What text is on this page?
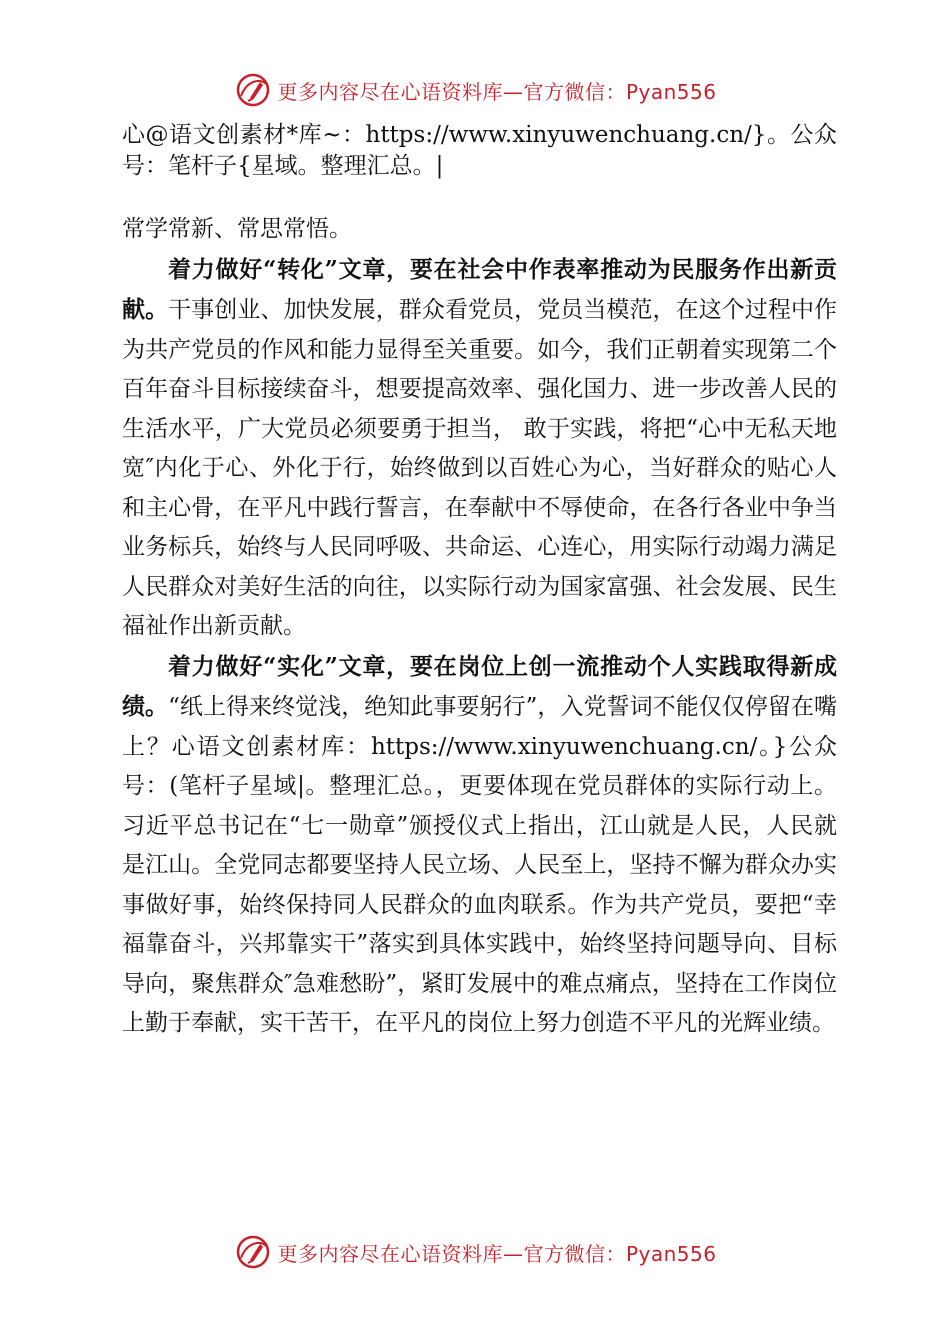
更多内容尽在心语资料库—官方微信：Pyan556

心@语文创素材*库~：https://www.xinyuwenchuang.cn/}。公众号：笔杆子{星域。整理汇总。|

常学常新、常思常悟。

着力做好“转化”文章，要在社会中作表率推动为民服务作出新贡献。干事创业、加快发展，群众看党员，党员当模范，在这个过程中作为共产党员的作风和能力显得至关重要。如今，我们正朝着实现第二个百年奋斗目标接续奋斗，想要提高效率、强化国力、进一步改善人民的生活水平，广大党员必须要勇于担当， 敢于实践，将把“心中无私天地宽″内化于心、外化于行，始终做到以百姓心为心，当好群众的贴心人和主心骨，在平凡中践行誓言，在奉献中不辱使命，在各行各业中争当业务标兵，始终与人民同呼吸、共命运、心连心，用实际行动竭力满足人民群众对美好生活的向往，以实际行动为国家富强、社会发展、民生福祉作出新贡献。

着力做好“实化”文章，要在岗位上创一流推动个人实践取得新成绩。“纸上得来终觉浅，绝知此事要躬行”，入党誓词不能仅仅停留在嘴上？心语文创素材库：https://www.xinyuwenchuang.cn/。}公众号：(笔杆子星域|。整理汇总。，更要体现在党员群体的实际行动上。习近平总书记在“七一勋章”颁授仪式上指出，江山就是人民，人民就 是江山。全党同志都要坚持人民立场、人民至上，坚持不懈为群众办实事做好事，始终保持同人民群众的血肉联系。作为共产党员，要把“幸福靠奋斗，兴邦靠实干”落实到具体实践中，始终坚持问题导向、目标导向，聚焦群众″急难愁盼”，紧盯发展中的难点痛点，坚持在工作岗位上勤于奉献，实干苦干，在平凡的岗位上努力创造不平凡的光辉业绩。

更多内容尽在心语资料库—官方微信：Pyan556
